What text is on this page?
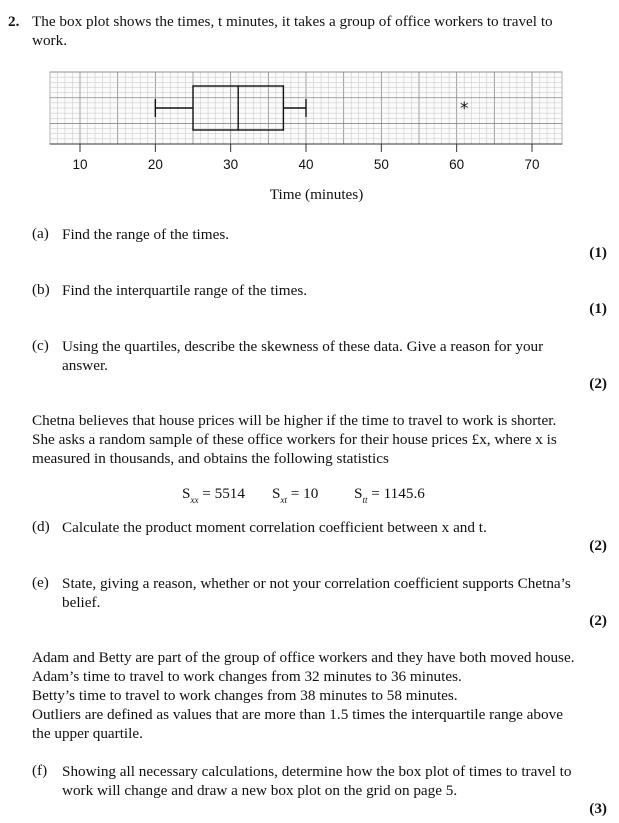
2. The box plot shows the times, t minutes, it takes a group of office workers to travel to
work.
*
10	20	30	40	50	60	70
Time (minutes)
(a) Find the range of the times.
(1)
(b) Find the interquartile range of the times.
(1)
(c) Using the quartiles, describe the skewness of these data. Give a reason for your
answer.
(2)
Chetna believes that house prices will be higher if the time to travel to work is shorter.
She asks a random sample of these office workers for their house prices £x, where x is
measured in thousands, and obtains the following statistics
$S_{xx} = 5514$ $S_{xt} = 10$ $S_{tt} = 1145.6$
(d) Calculate the product moment correlation coefficient between x and t.
(2)
(e) State, giving a reason, whether or not your correlation coefficient supports Chetna’s
belief.
(2)
Adam and Betty are part of the group of office workers and they have both moved house.
Adam’s time to travel to work changes from 32 minutes to 36 minutes.
Betty’s time to travel to work changes from 38 minutes to 58 minutes.
Outliers are defined as values that are more than 1.5 times the interquartile range above
the upper quartile.
(f) Showing all necessary calculations, determine how the box plot of times to travel to
work will change and draw a new box plot on the grid on page 5.
(3)
